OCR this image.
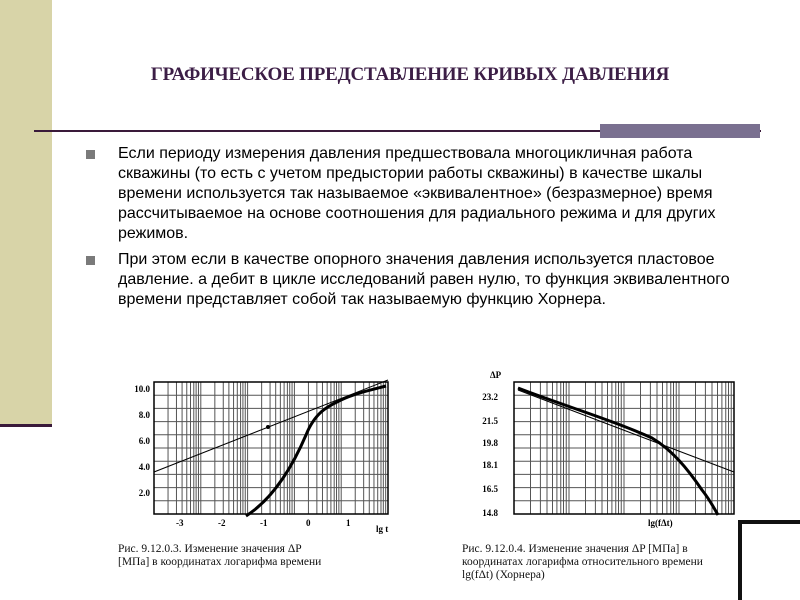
ГРАФИЧЕСКОЕ ПРЕДСТАВЛЕНИЕ КРИВЫХ ДАВЛЕНИЯ
Если периоду измерения давления предшествовала многоцикличная работа скважины (то есть с учетом предыстории работы скважины) в качестве шкалы времени используется так называемое «эквивалентное» (безразмерное) время рассчитываемое на основе соотношения для радиального режима и для других режимов.
При этом если в качестве опорного значения давления используется пластовое давление. а дебит в цикле исследований равен нулю, то функция эквивалентного времени представляет собой так называемую функцию Хорнера.
10.0
8.0
6.0
4.0
2.0
-3	-2	-1	0	1
lg t
Рис. 9.12.0.3. Изменение значения ΔP
[МПа] в координатах логарифма времени
ΔP
23.2
21.5
19.8
18.1
16.5
14.8
lg(fΔt)
Рис. 9.12.0.4. Изменение значения ΔP [МПа] в
координатах логарифма относительного времени
lg(fΔt) (Хорнера)
